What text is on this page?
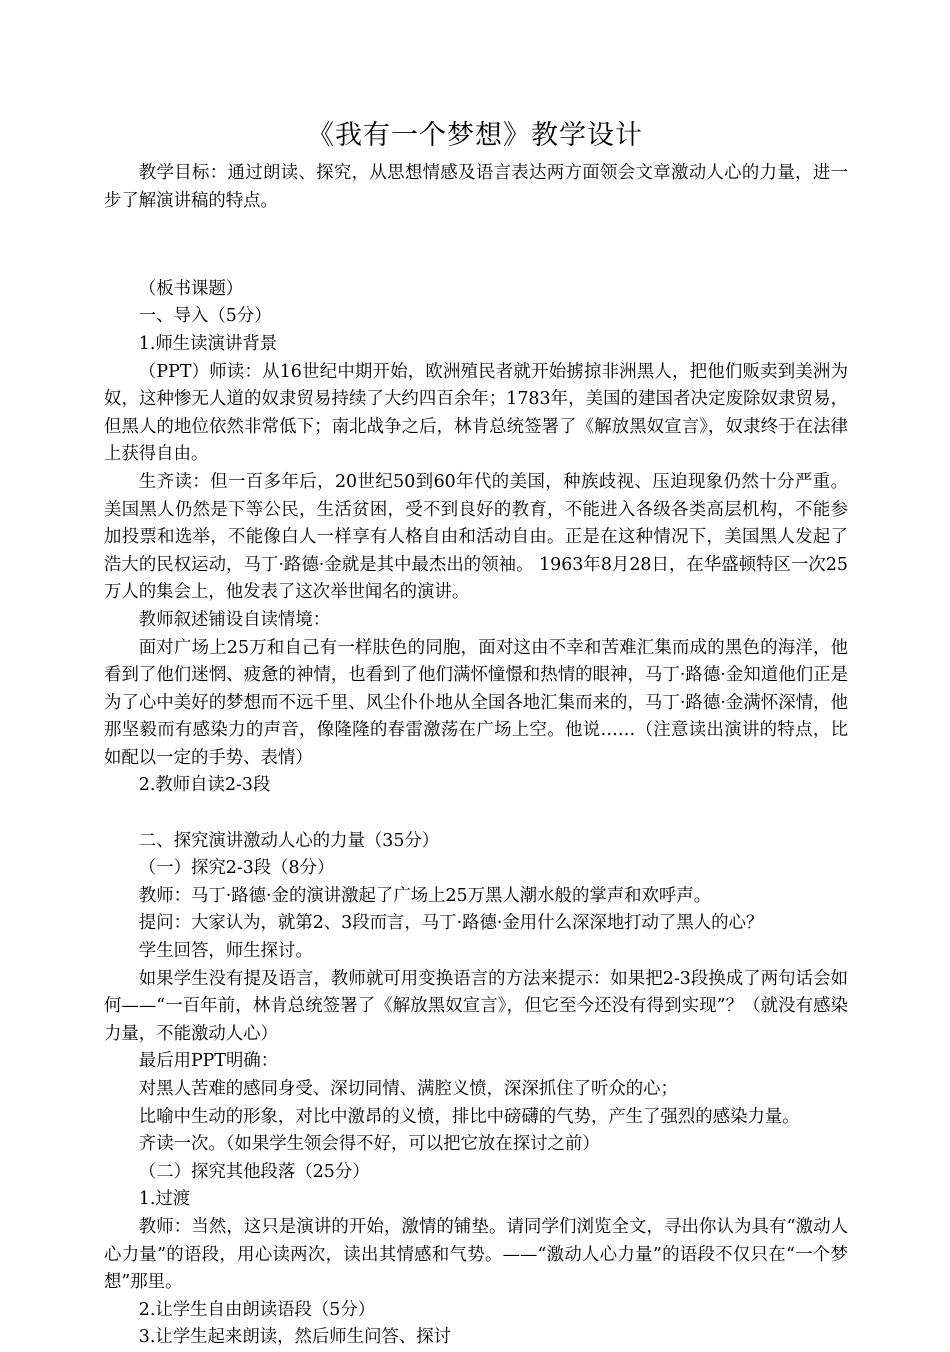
《我有一个梦想》教学设计

教学目标：通过朗读、探究，从思想情感及语言表达两方面领会文章激动人心的力量，进一步了解演讲稿的特点。

（板书课题）

一、导入（5分）

1.师生读演讲背景

（PPT）师读：从16世纪中期开始，欧洲殖民者就开始掳掠非洲黑人，把他们贩卖到美洲为奴，这种惨无人道的奴隶贸易持续了大约四百余年；1783年，美国的建国者决定废除奴隶贸易，但黑人的地位依然非常低下；南北战争之后，林肯总统签署了《解放黑奴宣言》，奴隶终于在法律上获得自由。

生齐读：但一百多年后，20世纪50到60年代的美国，种族歧视、压迫现象仍然十分严重。美国黑人仍然是下等公民，生活贫困，受不到良好的教育，不能进入各级各类高层机构，不能参加投票和选举，不能像白人一样享有人格自由和活动自由。正是在这种情况下，美国黑人发起了浩大的民权运动，马丁·路德·金就是其中最杰出的领袖。 1963年8月28日，在华盛顿特区一次25万人的集会上，他发表了这次举世闻名的演讲。

教师叙述铺设自读情境：

面对广场上25万和自己有一样肤色的同胞，面对这由不幸和苦难汇集而成的黑色的海洋，他看到了他们迷惘、疲惫的神情，也看到了他们满怀憧憬和热情的眼神，马丁·路德·金知道他们正是为了心中美好的梦想而不远千里、风尘仆仆地从全国各地汇集而来的，马丁·路德·金满怀深情，他那坚毅而有感染力的声音，像隆隆的春雷激荡在广场上空。他说……（注意读出演讲的特点，比如配以一定的手势、表情）

2.教师自读2-3段

二、探究演讲激动人心的力量（35分）

（一）探究2-3段（8分）

教师：马丁·路德·金的演讲激起了广场上25万黑人潮水般的掌声和欢呼声。

提问：大家认为，就第2、3段而言，马丁·路德·金用什么深深地打动了黑人的心？

学生回答，师生探讨。

如果学生没有提及语言，教师就可用变换语言的方法来提示：如果把2-3段换成了两句话会如何——“一百年前，林肯总统签署了《解放黑奴宣言》，但它至今还没有得到实现”？（就没有感染力量，不能激动人心）

最后用PPT明确：

对黑人苦难的感同身受、深切同情、满腔义愤，深深抓住了听众的心；

比喻中生动的形象，对比中激昂的义愤，排比中磅礴的气势，产生了强烈的感染力量。

齐读一次。（如果学生领会得不好，可以把它放在探讨之前）

（二）探究其他段落（25分）

1.过渡

教师：当然，这只是演讲的开始，激情的铺垫。请同学们浏览全文，寻出你认为具有“激动人心力量”的语段，用心读两次，读出其情感和气势。——“激动人心力量”的语段不仅只在“一个梦想”那里。

2.让学生自由朗读语段（5分）

3.让学生起来朗读，然后师生问答、探讨
